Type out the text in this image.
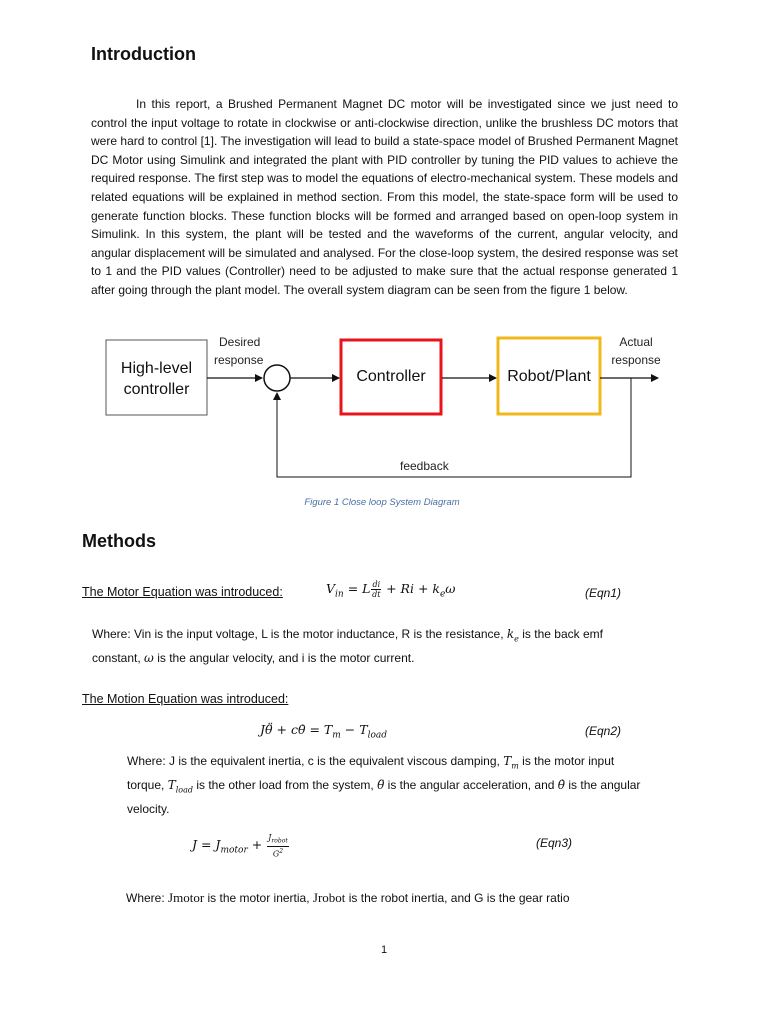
Introduction
In this report, a Brushed Permanent Magnet DC motor will be investigated since we just need to control the input voltage to rotate in clockwise or anti-clockwise direction, unlike the brushless DC motors that were hard to control [1]. The investigation will lead to build a state-space model of Brushed Permanent Magnet DC Motor using Simulink and integrated the plant with PID controller by tuning the PID values to achieve the required response. The first step was to model the equations of electro-mechanical system. These models and related equations will be explained in method section. From this model, the state-space form will be used to generate function blocks. These function blocks will be formed and arranged based on open-loop system in Simulink. In this system, the plant will be tested and the waveforms of the current, angular velocity, and angular displacement will be simulated and analysed. For the close-loop system, the desired response was set to 1 and the PID values (Controller) need to be adjusted to make sure that the actual response generated 1 after going through the plant model. The overall system diagram can be seen from the figure 1 below.
High-level
controller
Desired
response
Controller	Robot/Plant
Actual
response
feedback
Figure 1 Close loop System Diagram
Methods
The Motor Equation was introduced:	$V_{in} = L \frac{di}{dt} + Ri + k_e\omega$	(Eqn1)
Where: Vin is the input voltage, L is the motor inductance, R is the resistance, $k_e$ is the back emf constant, ω is the angular velocity, and i is the motor current.
The Motion Equation was introduced:
Jθ̈̈ + cθ̇ = $T_m - T_{load}$	(Eqn2)
Where: J is the equivalent inertia, c is the equivalent viscous damping, $T_m$ is the motor input torque, $T_{load}$ is the other load from the system, θ̈ is the angular acceleration, and θ̇ is the angular velocity.
$J = J_{motor} + \frac{J_{robot}}{G^2}$	(Eqn3)
Where: Jmotor is the motor inertia, Jrobot is the robot inertia, and G is the gear ratio
1
